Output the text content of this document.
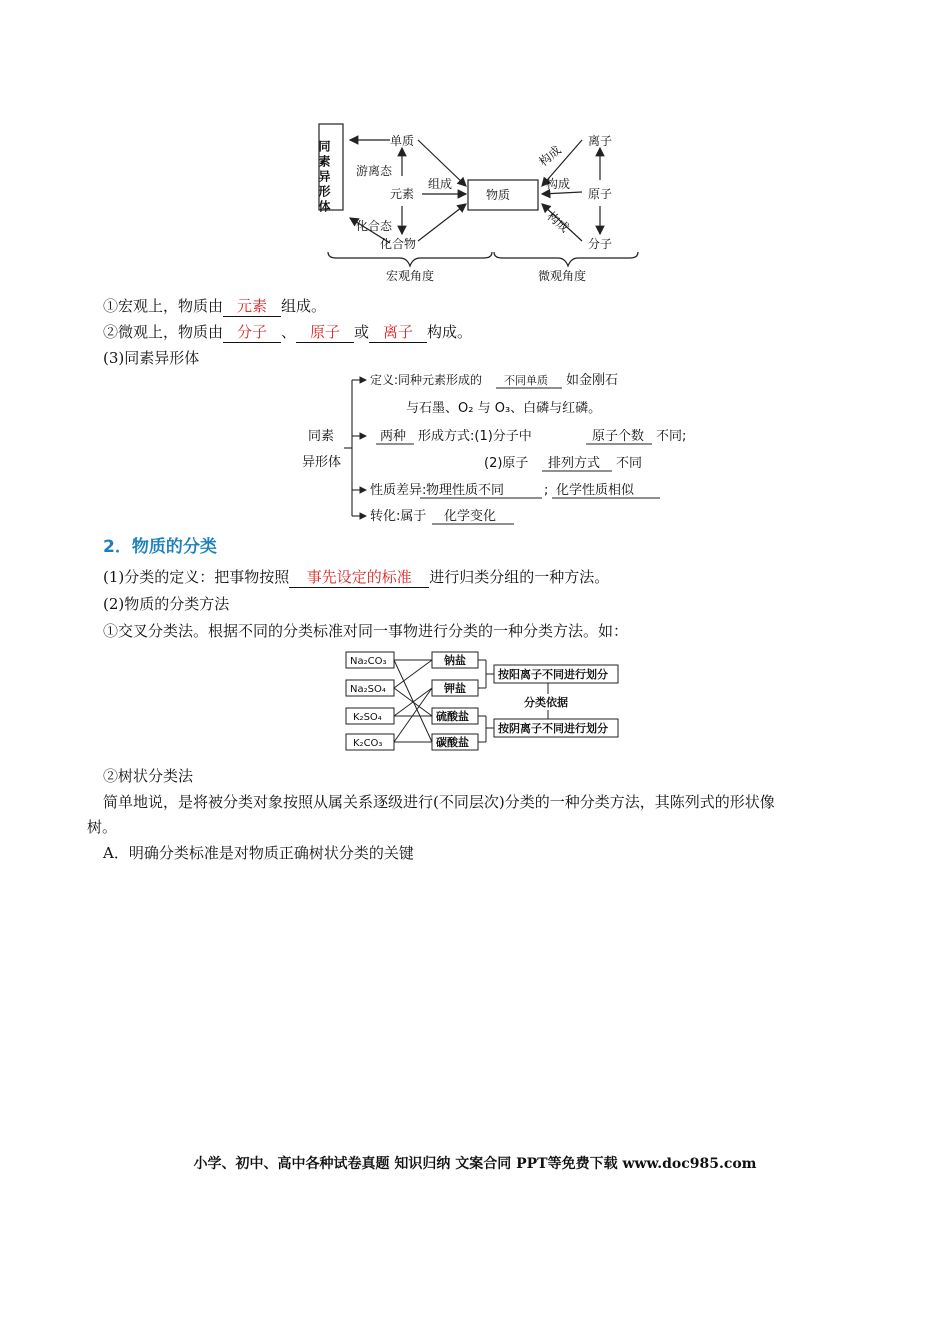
单质
游离态
元素
组成
化合态
化合物
物质
离子
原子
分子
构成
构成
构成
宏观角度	微观角度
同素异形体
①宏观上，物质由 元素 组成。
②微观上，物质由 分子 、 原子 或 离子 构成。
(3)同素异形体
同素
异形体
定义:同种元素形成的 不同单质 如金刚石
与石墨、O₂ 与 O₃、白磷与红磷。
两种 形成方式:(1)分子中	原子个数 不同;
(2)原子 排列方式 不同
性质差异: 物理性质不同	; 化学性质相似
转化:属于 化学变化
2．物质的分类
(1)分类的定义：把事物按照 事先设定的标准 进行归类分组的一种方法。
(2)物质的分类方法
①交叉分类法。根据不同的分类标准对同一事物进行分类的一种分类方法。如：
Na₂CO₃
Na₂SO₄
K₂SO₄
K₂CO₃
钠盐
钾盐
硫酸盐
碳酸盐
按阳离子不同进行划分
按阴离子不同进行划分
分类依据
②树状分类法
简单地说，是将被分类对象按照从属关系逐级进行(不同层次)分类的一种分类方法，其陈列式的形状像
树。
A．明确分类标准是对物质正确树状分类的关键
小学、初中、高中各种试卷真题 知识归纳 文案合同 PPT等免费下载 www.doc985.com
